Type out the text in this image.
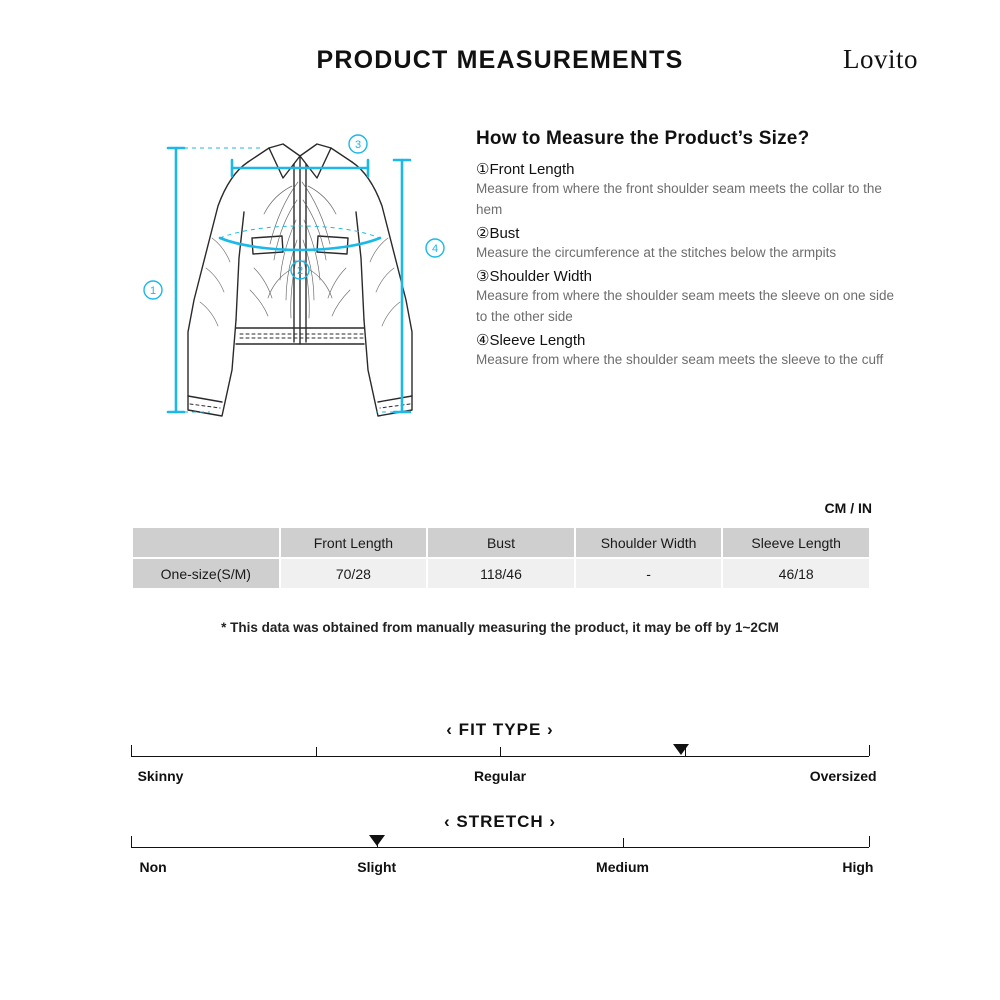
PRODUCT MEASUREMENTS	Lovito
1
2
3
4
How to Measure the Product’s Size?
①Front Length
Measure from where the front shoulder seam meets the collar to the hem
②Bust
Measure the circumference at the stitches below the armpits
③Shoulder Width
Measure from where the shoulder seam meets the sleeve on one side to the other side
④Sleeve Length
Measure from where the shoulder seam meets the sleeve to the cuff
CM / IN
	Front Length	Bust	Shoulder Width	Sleeve Length
One-size(S/M)	70/28	118/46	-	46/18
* This data was obtained from manually measuring the product, it may be off by 1~2CM
‹ FIT TYPE ›
Skinny	Regular	Oversized
‹ STRETCH ›
Non	Slight	Medium	High
